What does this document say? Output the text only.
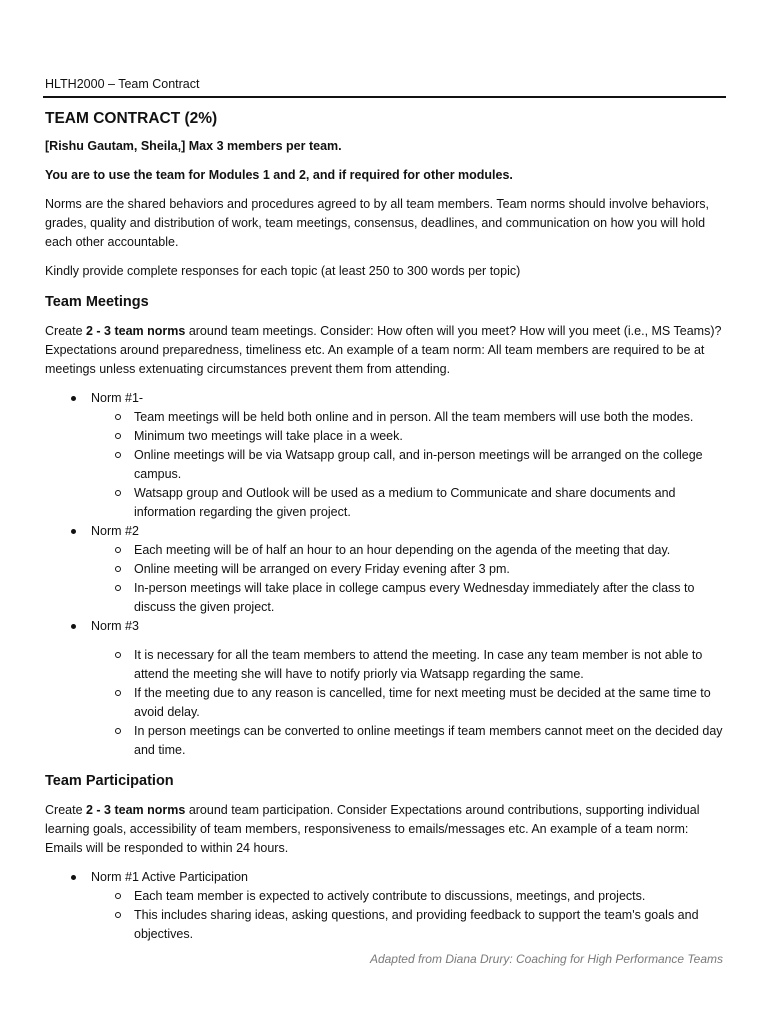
HLTH2000 – Team Contract
TEAM CONTRACT (2%)
[Rishu Gautam, Sheila,] Max 3 members per team.
You are to use the team for Modules 1 and 2, and if required for other modules.

Norms are the shared behaviors and procedures agreed to by all team members. Team norms should involve behaviors, grades, quality and distribution of work, team meetings, consensus, deadlines, and communication on how you will hold each other accountable.

Kindly provide complete responses for each topic (at least 250 to 300 words per topic)

Team Meetings

Create 2 - 3 team norms around team meetings. Consider: How often will you meet? How will you meet (i.e., MS Teams)? Expectations around preparedness, timeliness etc. An example of a team norm: All team members are required to be at meetings unless extenuating circumstances prevent them from attending.

Norm #1-
Team meetings will be held both online and in person. All the team members will use both the modes.
Minimum two meetings will take place in a week.
Online meetings will be via Watsapp group call, and in-person meetings will be arranged on the college campus.
Watsapp group and Outlook will be used as a medium to Communicate and share documents and information regarding the given project.
Norm #2
Each meeting will be of half an hour to an hour depending on the agenda of the meeting that day.
Online meeting will be arranged on every Friday evening after 3 pm.
In-person meetings will take place in college campus every Wednesday immediately after the class to discuss the given project.
Norm #3
It is necessary for all the team members to attend the meeting. In case any team member is not able to attend the meeting she will have to notify priorly via Watsapp regarding the same.
If the meeting due to any reason is cancelled, time for next meeting must be decided at the same time to avoid delay.
In person meetings can be converted to online meetings if team members cannot meet on the decided day and time.
Team Participation

Create 2 - 3 team norms around team participation. Consider Expectations around contributions, supporting individual learning goals, accessibility of team members, responsiveness to emails/messages etc. An example of a team norm: Emails will be responded to within 24 hours.

Norm #1 Active Participation
Each team member is expected to actively contribute to discussions, meetings, and projects.
This includes sharing ideas, asking questions, and providing feedback to support the team's goals and objectives.
Adapted from Diana Drury: Coaching for High Performance Teams
